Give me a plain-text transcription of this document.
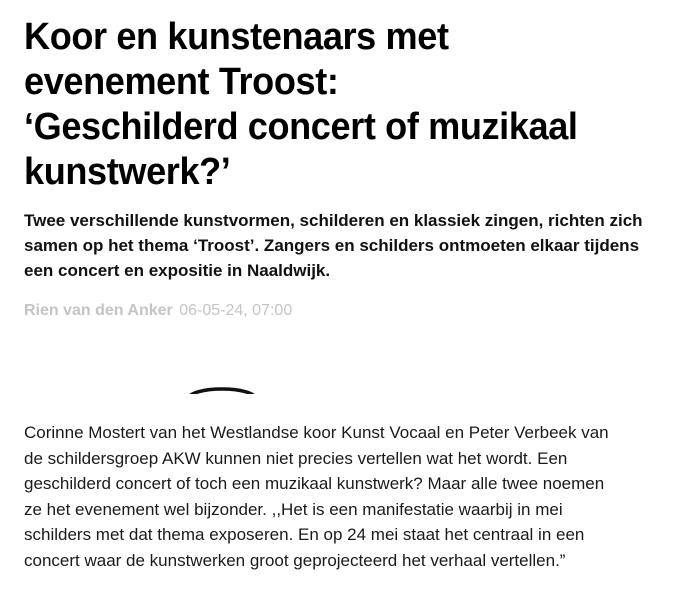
Koor en kunstenaars met
evenement Troost:
‘Geschilderd concert of muzikaal
kunstwerk?’

Twee verschillende kunstvormen, schilderen en klassiek zingen, richten zich samen op het thema ‘Troost’. Zangers en schilders ontmoeten elkaar tijdens een concert en expositie in Naaldwijk.

Rien van den Anker 06-05-24, 07:00

Corinne Mostert van het Westlandse koor Kunst Vocaal en Peter Verbeek van
de schildersgroep AKW kunnen niet precies vertellen wat het wordt. Een
geschilderd concert of toch een muzikaal kunstwerk? Maar alle twee noemen
ze het evenement wel bijzonder. ,,Het is een manifestatie waarbij in mei
schilders met dat thema exposeren. En op 24 mei staat het centraal in een
concert waar de kunstwerken groot geprojecteerd het verhaal vertellen.”
